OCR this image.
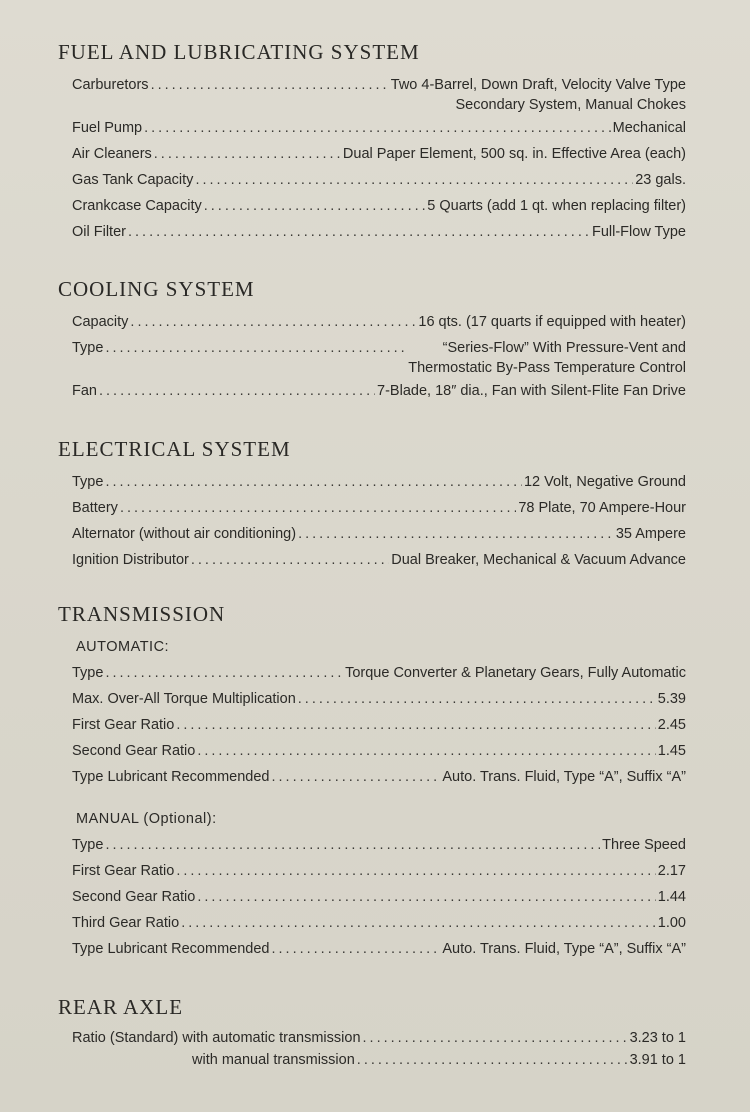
FUEL AND LUBRICATING SYSTEM
Carburetors .....	Two 4-Barrel, Down Draft, Velocity Valve Type
Secondary System, Manual Chokes
Fuel Pump .....	Mechanical
Air Cleaners .....	Dual Paper Element, 500 sq. in. Effective Area (each)
Gas Tank Capacity .....	23 gals.
Crankcase Capacity .....	5 Quarts (add 1 qt. when replacing filter)
Oil Filter .....	Full-Flow Type
COOLING SYSTEM
Capacity .....	16 qts. (17 quarts if equipped with heater)
Type .....	“Series-Flow” With Pressure-Vent and
Thermostatic By-Pass Temperature Control
Fan .....	7-Blade, 18″ dia., Fan with Silent-Flite Fan Drive
ELECTRICAL SYSTEM
Type .....	12 Volt, Negative Ground
Battery .....	78 Plate, 70 Ampere-Hour
Alternator (without air conditioning) .....	35 Ampere
Ignition Distributor .....	Dual Breaker, Mechanical & Vacuum Advance
TRANSMISSION
AUTOMATIC:
Type .....	Torque Converter & Planetary Gears, Fully Automatic
Max. Over-All Torque Multiplication .....	5.39
First Gear Ratio .....	2.45
Second Gear Ratio .....	1.45
Type Lubricant Recommended .....	Auto. Trans. Fluid, Type “A”, Suffix “A”
MANUAL (Optional):
Type .....	Three Speed
First Gear Ratio .....	2.17
Second Gear Ratio .....	1.44
Third Gear Ratio .....	1.00
Type Lubricant Recommended .....	Auto. Trans. Fluid, Type “A”, Suffix “A”
REAR AXLE
Ratio (Standard) with automatic transmission .....	3.23 to 1
with manual transmission .....	3.91 to 1
